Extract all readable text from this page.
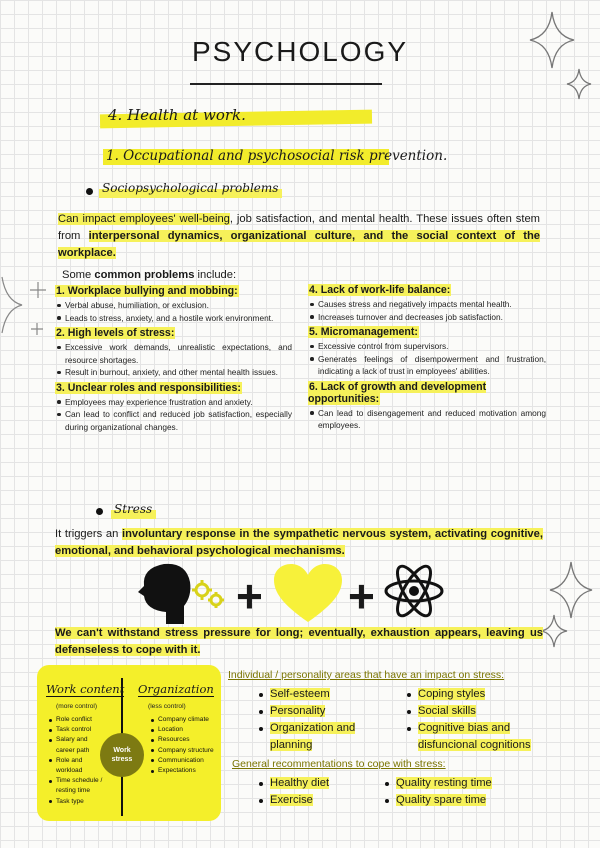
PSYCHOLOGY
4. Health at work.
1. Occupational and psychosocial risk prevention.
Sociopsychological problems
Can impact employees' well-being, job satisfaction, and mental health. These issues often stem from interpersonal dynamics, organizational culture, and the social context of the workplace.
Some common problems include:
1. Workplace bullying and mobbing:
Verbal abuse, humiliation, or exclusion.
Leads to stress, anxiety, and a hostile work environment.
2. High levels of stress:
Excessive work demands, unrealistic expectations, and resource shortages.
Result in burnout, anxiety, and other mental health issues.
3. Unclear roles and responsibilities:
Employees may experience frustration and anxiety.
Can lead to conflict and reduced job satisfaction, especially during organizational changes.
4. Lack of work-life balance:
Causes stress and negatively impacts mental health.
Increases turnover and decreases job satisfaction.
5. Micromanagement:
Excessive control from supervisors.
Generates feelings of disempowerment and frustration, indicating a lack of trust in employees' abilities.
6. Lack of growth and development opportunities:
Can lead to disengagement and reduced motivation among employees.
Stress
It triggers an involuntary response in the sympathetic nervous system, activating cognitive, emotional, and behavioral psychological mechanisms.
+ +
We can't withstand stress pressure for long; eventually, exhaustion appears, leaving us defenseless to cope with it.
Work content
(more control)
Role conflict
Task control
Salary and career path
Role and workload
Time schedule / resting time
Task type
Organization
(less control)
Company climate
Location
Resources
Company structure
Communication
Expectations
Work
stress
Individual / personality areas that have an impact on stress:
Self-esteem
Personality
Organization and planning
Coping styles
Social skills
Cognitive bias and disfuncional cognitions
General recommentations to cope with stress:
Healthy diet
Exercise
Quality resting time
Quality spare time
